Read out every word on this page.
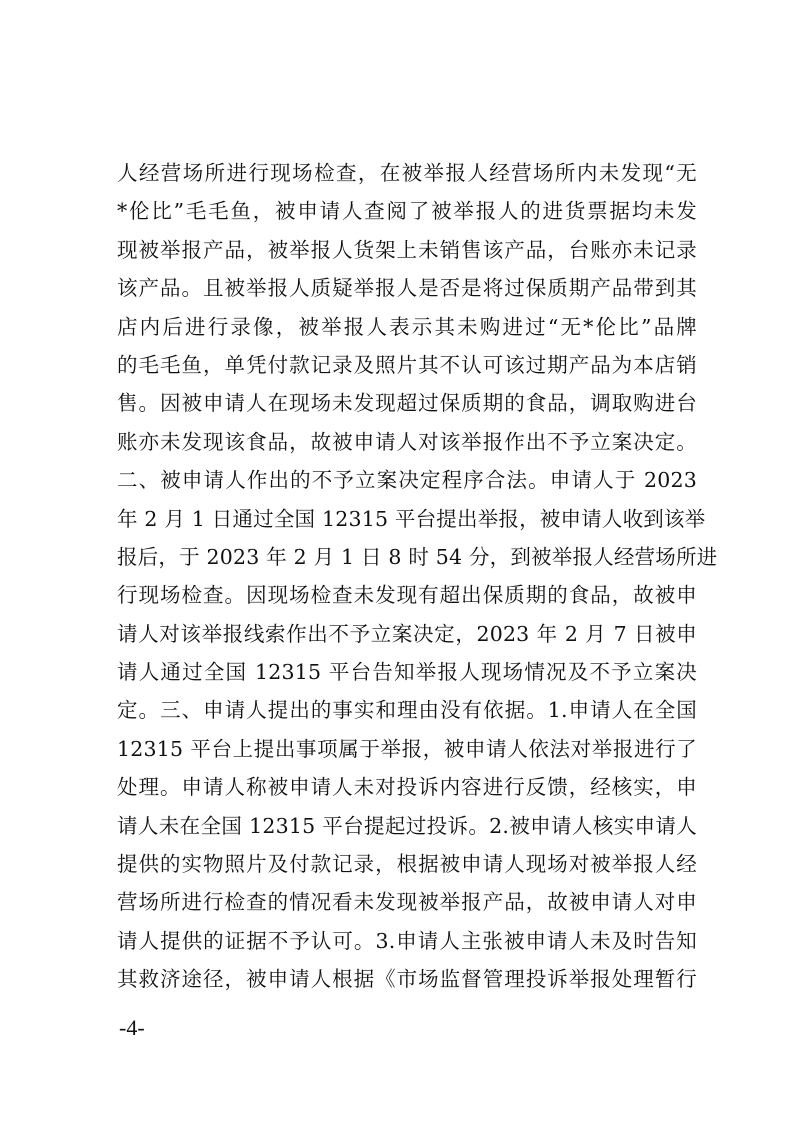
人经营场所进行现场检查，在被举报人经营场所内未发现“无
*伦比”毛毛鱼，被申请人查阅了被举报人的进货票据均未发
现被举报产品，被举报人货架上未销售该产品，台账亦未记录
该产品。且被举报人质疑举报人是否是将过保质期产品带到其
店内后进行录像，被举报人表示其未购进过“无*伦比”品牌
的毛毛鱼，单凭付款记录及照片其不认可该过期产品为本店销
售。因被申请人在现场未发现超过保质期的食品，调取购进台
账亦未发现该食品，故被申请人对该举报作出不予立案决定。
二、被申请人作出的不予立案决定程序合法。申请人于 2023
年 2 月 1 日通过全国 12315 平台提出举报，被申请人收到该举
报后，于 2023 年 2 月 1 日 8 时 54 分，到被举报人经营场所进
行现场检查。因现场检查未发现有超出保质期的食品，故被申
请人对该举报线索作出不予立案决定，2023 年 2 月 7 日被申
请人通过全国 12315 平台告知举报人现场情况及不予立案决
定。三、申请人提出的事实和理由没有依据。1.申请人在全国
12315 平台上提出事项属于举报，被申请人依法对举报进行了
处理。申请人称被申请人未对投诉内容进行反馈，经核实，申
请人未在全国 12315 平台提起过投诉。2.被申请人核实申请人
提供的实物照片及付款记录，根据被申请人现场对被举报人经
营场所进行检查的情况看未发现被举报产品，故被申请人对申
请人提供的证据不予认可。3.申请人主张被申请人未及时告知
其救济途径，被申请人根据《市场监督管理投诉举报处理暂行
-4-
